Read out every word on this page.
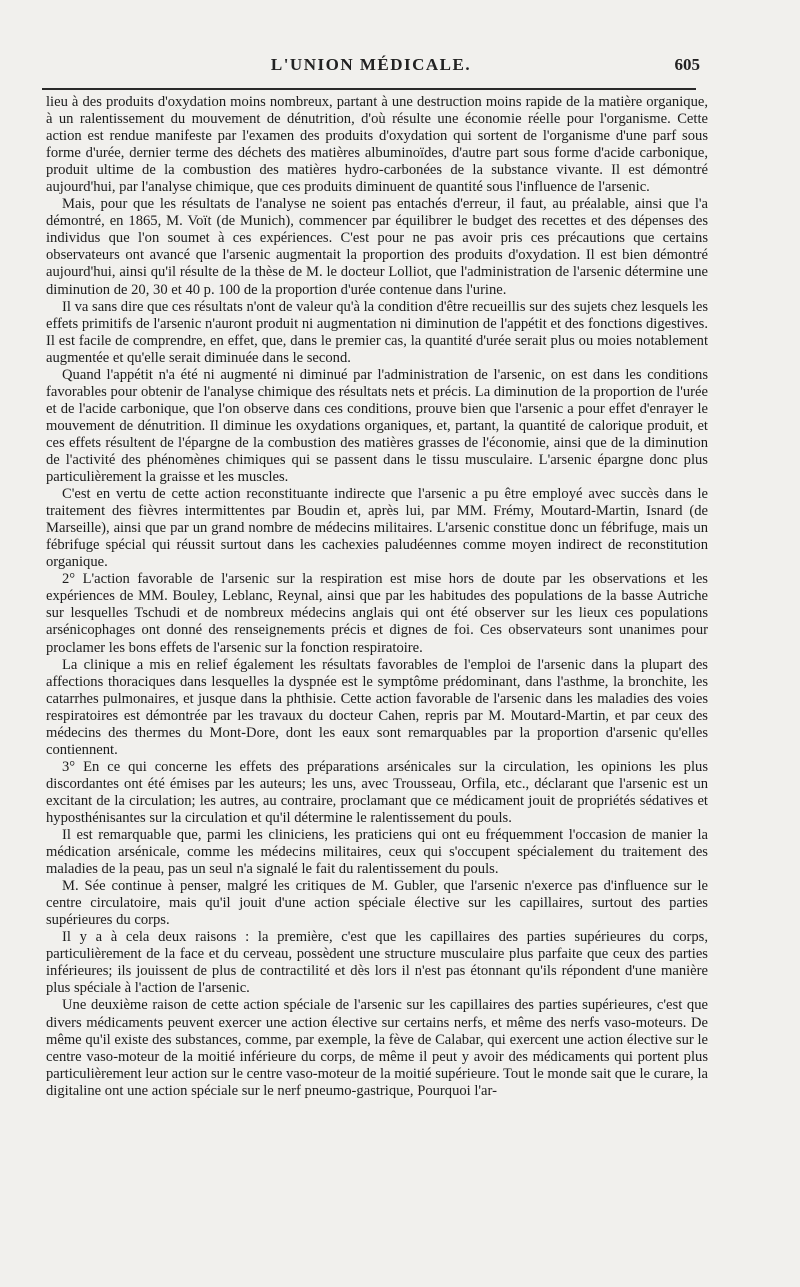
L'UNION MÉDICALE.	605

lieu à des produits d'oxydation moins nombreux, partant à une destruction moins rapide de la matière organique, à un ralentissement du mouvement de dénutrition, d'où résulte une économie réelle pour l'organisme. Cette action est rendue manifeste par l'examen des produits d'oxydation qui sortent de l'organisme d'une parf sous forme d'urée, dernier terme des déchets des matières albuminoïdes, d'autre part sous forme d'acide carbonique, produit ultime de la combustion des matières hydro-carbonées de la substance vivante. Il est démontré aujourd'hui, par l'analyse chimique, que ces produits diminuent de quantité sous l'influence de l'arsenic.

Mais, pour que les résultats de l'analyse ne soient pas entachés d'erreur, il faut, au préalable, ainsi que l'a démontré, en 1865, M. Voït (de Munich), commencer par équilibrer le budget des recettes et des dépenses des individus que l'on soumet à ces expériences. C'est pour ne pas avoir pris ces précautions que certains observateurs ont avancé que l'arsenic augmentait la proportion des produits d'oxydation. Il est bien démontré aujourd'hui, ainsi qu'il résulte de la thèse de M. le docteur Lolliot, que l'administration de l'arsenic détermine une diminution de 20, 30 et 40 p. 100 de la proportion d'urée contenue dans l'urine.

Il va sans dire que ces résultats n'ont de valeur qu'à la condition d'être recueillis sur des sujets chez lesquels les effets primitifs de l'arsenic n'auront produit ni augmentation ni diminution de l'appétit et des fonctions digestives. Il est facile de comprendre, en effet, que, dans le premier cas, la quantité d'urée serait plus ou moies notablement augmentée et qu'elle serait diminuée dans le second.

Quand l'appétit n'a été ni augmenté ni diminué par l'administration de l'arsenic, on est dans les conditions favorables pour obtenir de l'analyse chimique des résultats nets et précis. La diminution de la proportion de l'urée et de l'acide carbonique, que l'on observe dans ces conditions, prouve bien que l'arsenic a pour effet d'enrayer le mouvement de dénutrition. Il diminue les oxydations organiques, et, partant, la quantité de calorique produit, et ces effets résultent de l'épargne de la combustion des matières grasses de l'économie, ainsi que de la diminution de l'activité des phénomènes chimiques qui se passent dans le tissu musculaire. L'arsenic épargne donc plus particulièrement la graisse et les muscles.

C'est en vertu de cette action reconstituante indirecte que l'arsenic a pu être employé avec succès dans le traitement des fièvres intermittentes par Boudin et, après lui, par MM. Frémy, Moutard-Martin, Isnard (de Marseille), ainsi que par un grand nombre de médecins militaires. L'arsenic constitue donc un fébrifuge, mais un fébrifuge spécial qui réussit surtout dans les cachexies paludéennes comme moyen indirect de reconstitution organique.

2° L'action favorable de l'arsenic sur la respiration est mise hors de doute par les observations et les expériences de MM. Bouley, Leblanc, Reynal, ainsi que par les habitudes des populations de la basse Autriche sur lesquelles Tschudi et de nombreux médecins anglais qui ont été observer sur les lieux ces populations arsénicophages ont donné des renseignements précis et dignes de foi. Ces observateurs sont unanimes pour proclamer les bons effets de l'arsenic sur la fonction respiratoire.

La clinique a mis en relief également les résultats favorables de l'emploi de l'arsenic dans la plupart des affections thoraciques dans lesquelles la dyspnée est le symptôme prédominant, dans l'asthme, la bronchite, les catarrhes pulmonaires, et jusque dans la phthisie. Cette action favorable de l'arsenic dans les maladies des voies respiratoires est démontrée par les travaux du docteur Cahen, repris par M. Moutard-Martin, et par ceux des médecins des thermes du Mont-Dore, dont les eaux sont remarquables par la proportion d'arsenic qu'elles contiennent.

3° En ce qui concerne les effets des préparations arsénicales sur la circulation, les opinions les plus discordantes ont été émises par les auteurs; les uns, avec Trousseau, Orfila, etc., déclarant que l'arsenic est un excitant de la circulation; les autres, au contraire, proclamant que ce médicament jouit de propriétés sédatives et hyposthénisantes sur la circulation et qu'il détermine le ralentissement du pouls.

Il est remarquable que, parmi les cliniciens, les praticiens qui ont eu fréquemment l'occasion de manier la médication arsénicale, comme les médecins militaires, ceux qui s'occupent spécialement du traitement des maladies de la peau, pas un seul n'a signalé le fait du ralentissement du pouls.

M. Sée continue à penser, malgré les critiques de M. Gubler, que l'arsenic n'exerce pas d'influence sur le centre circulatoire, mais qu'il jouit d'une action spéciale élective sur les capillaires, surtout des parties supérieures du corps.

Il y a à cela deux raisons : la première, c'est que les capillaires des parties supérieures du corps, particulièrement de la face et du cerveau, possèdent une structure musculaire plus parfaite que ceux des parties inférieures; ils jouissent de plus de contractilité et dès lors il n'est pas étonnant qu'ils répondent d'une manière plus spéciale à l'action de l'arsenic.

Une deuxième raison de cette action spéciale de l'arsenic sur les capillaires des parties supérieures, c'est que divers médicaments peuvent exercer une action élective sur certains nerfs, et même des nerfs vaso-moteurs. De même qu'il existe des substances, comme, par exemple, la fève de Calabar, qui exercent une action élective sur le centre vaso-moteur de la moitié inférieure du corps, de même il peut y avoir des médicaments qui portent plus particulièrement leur action sur le centre vaso-moteur de la moitié supérieure. Tout le monde sait que le curare, la digitaline ont une action spéciale sur le nerf pneumo-gastrique, Pourquoi l'ar-
